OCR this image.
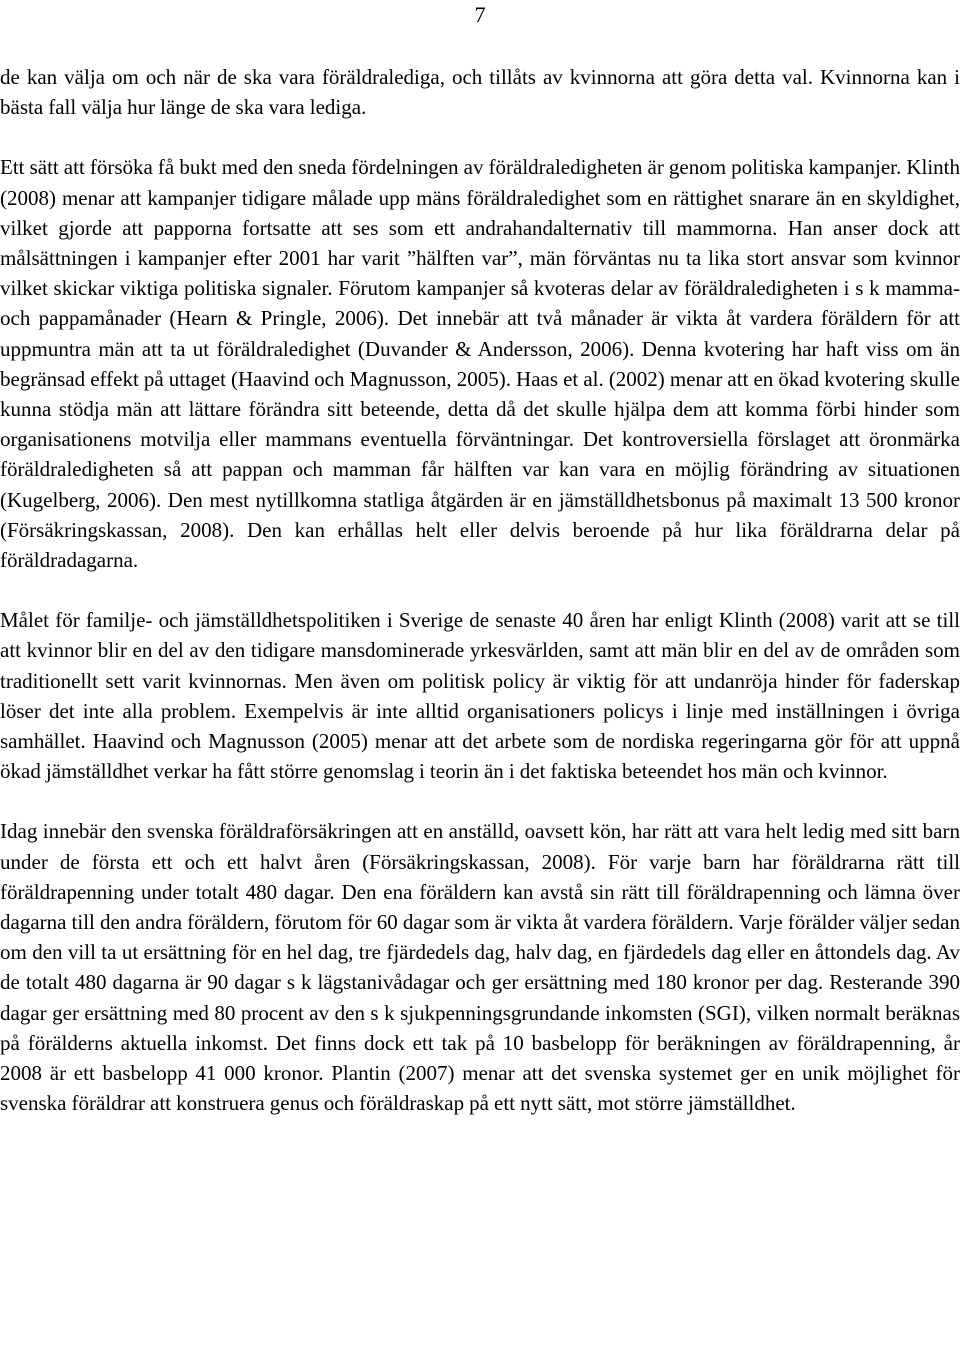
7

de kan välja om och när de ska vara föräldralediga, och tillåts av kvinnorna att göra detta val. Kvinnorna kan i bästa fall välja hur länge de ska vara lediga.

Ett sätt att försöka få bukt med den sneda fördelningen av föräldraledigheten är genom politiska kampanjer. Klinth (2008) menar att kampanjer tidigare målade upp mäns föräldraledighet som en rättighet snarare än en skyldighet, vilket gjorde att papporna fortsatte att ses som ett andrahandalternativ till mammorna. Han anser dock att målsättningen i kampanjer efter 2001 har varit ”hälften var”, män förväntas nu ta lika stort ansvar som kvinnor vilket skickar viktiga politiska signaler. Förutom kampanjer så kvoteras delar av föräldraledigheten i s k mamma- och pappamånader (Hearn & Pringle, 2006). Det innebär att två månader är vikta åt vardera föräldern för att uppmuntra män att ta ut föräldraledighet (Duvander & Andersson, 2006). Denna kvotering har haft viss om än begränsad effekt på uttaget (Haavind och Magnusson, 2005). Haas et al. (2002) menar att en ökad kvotering skulle kunna stödja män att lättare förändra sitt beteende, detta då det skulle hjälpa dem att komma förbi hinder som organisationens motvilja eller mammans eventuella förväntningar. Det kontroversiella förslaget att öronmärka föräldraledigheten så att pappan och mamman får hälften var kan vara en möjlig förändring av situationen (Kugelberg, 2006). Den mest nytillkomna statliga åtgärden är en jämställdhetsbonus på maximalt 13 500 kronor (Försäkringskassan, 2008). Den kan erhållas helt eller delvis beroende på hur lika föräldrarna delar på föräldradagarna.

Målet för familje- och jämställdhetspolitiken i Sverige de senaste 40 åren har enligt Klinth (2008) varit att se till att kvinnor blir en del av den tidigare mansdominerade yrkesvärlden, samt att män blir en del av de områden som traditionellt sett varit kvinnornas. Men även om politisk policy är viktig för att undanröja hinder för faderskap löser det inte alla problem. Exempelvis är inte alltid organisationers policys i linje med inställningen i övriga samhället. Haavind och Magnusson (2005) menar att det arbete som de nordiska regeringarna gör för att uppnå ökad jämställdhet verkar ha fått större genomslag i teorin än i det faktiska beteendet hos män och kvinnor.

Idag innebär den svenska föräldraförsäkringen att en anställd, oavsett kön, har rätt att vara helt ledig med sitt barn under de första ett och ett halvt åren (Försäkringskassan, 2008). För varje barn har föräldrarna rätt till föräldrapenning under totalt 480 dagar. Den ena föräldern kan avstå sin rätt till föräldrapenning och lämna över dagarna till den andra föräldern, förutom för 60 dagar som är vikta åt vardera föräldern. Varje förälder väljer sedan om den vill ta ut ersättning för en hel dag, tre fjärdedels dag, halv dag, en fjärdedels dag eller en åttondels dag. Av de totalt 480 dagarna är 90 dagar s k lägstanivådagar och ger ersättning med 180 kronor per dag. Resterande 390 dagar ger ersättning med 80 procent av den s k sjukpenningsgrundande inkomsten (SGI), vilken normalt beräknas på förälderns aktuella inkomst. Det finns dock ett tak på 10 basbelopp för beräkningen av föräldrapenning, år 2008 är ett basbelopp 41 000 kronor. Plantin (2007) menar att det svenska systemet ger en unik möjlighet för svenska föräldrar att konstruera genus och föräldraskap på ett nytt sätt, mot större jämställdhet.
